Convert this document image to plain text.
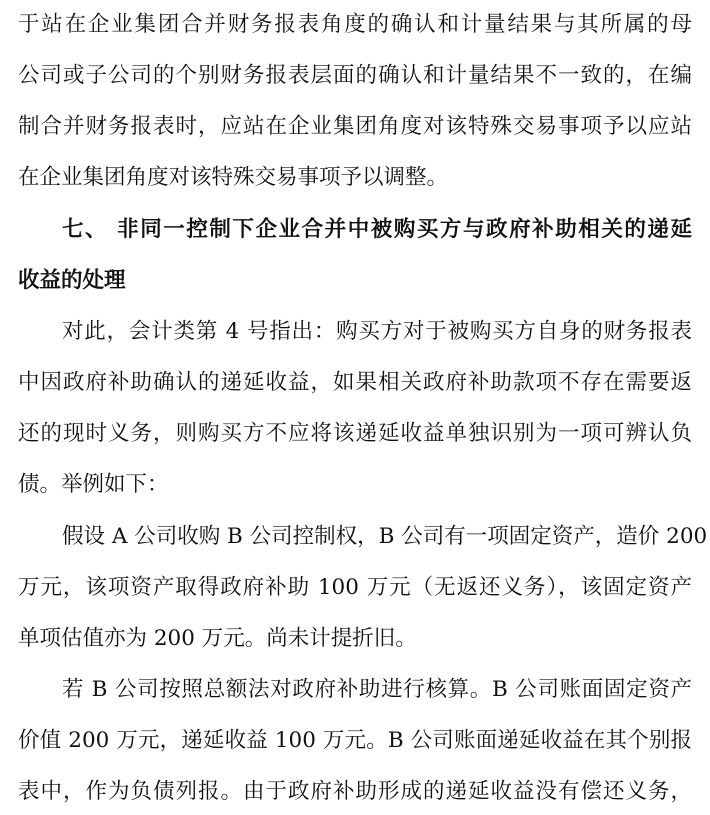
于站在企业集团合并财务报表角度的确认和计量结果与其所属的母
公司或子公司的个别财务报表层面的确认和计量结果不一致的，在编
制合并财务报表时，应站在企业集团角度对该特殊交易事项予以应站
在企业集团角度对该特殊交易事项予以调整。
七、 非同一控制下企业合并中被购买方与政府补助相关的递延
收益的处理
对此，会计类第 4 号指出：购买方对于被购买方自身的财务报表
中因政府补助确认的递延收益，如果相关政府补助款项不存在需要返
还的现时义务，则购买方不应将该递延收益单独识别为一项可辨认负
债。举例如下：
假设 A 公司收购 B 公司控制权，B 公司有一项固定资产，造价 200
万元，该项资产取得政府补助 100 万元（无返还义务），该固定资产
单项估值亦为 200 万元。尚未计提折旧。
若 B 公司按照总额法对政府补助进行核算。B 公司账面固定资产
价值 200 万元，递延收益 100 万元。B 公司账面递延收益在其个别报
表中，作为负债列报。由于政府补助形成的递延收益没有偿还义务，
